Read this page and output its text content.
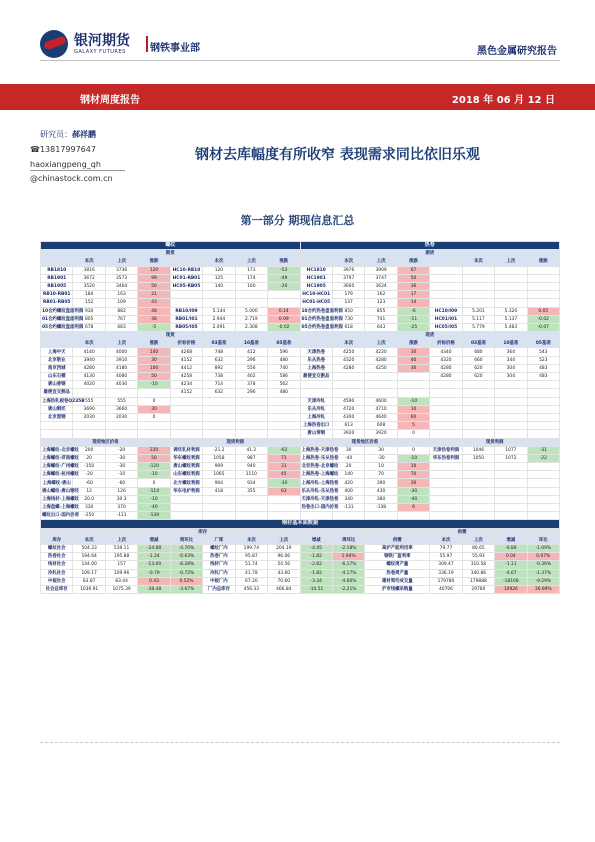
银河期货
GALAXY FUTURES	钢铁事业部	黑色金属研究报告
钢材周度报告	2018 年 06 月 12 日
研究员：郝祥鹏
☎13817997647
haoxiangpeng_qh
@chinastock.com.cn
钢材去库幅度有所收窄 表现需求同比依旧乐观
第一部分 期现信息汇总
螺纹								热卷							
期货								期货							
	本次	上次	涨跌		本次	上次	涨跌		本次	上次	涨跌		本次	上次	涨跌
RB1810	3816	3736	120	HC10-RB10	120	173	-53	HC1810	3976	3909	67				
RB1901	3672	3573	99	HC01-RB01	125	174	-49	HC1901	3797	3747	50				
RB1905	3520	3464	56	HC05-RB05	140	160	-20	HC1905	3660	3624	36				
RB10-RB01	184	163	21					HC10-HC01	179	162	17				
RB01-RB05	152	109	43					HC01-HC05	137	123	14				
10合约螺纹盘面利润	930	882	48	RB10/I09	5.144	5.000	0.14	10合约热卷盘面利润	850	855	-6	HC10/I09	5.201	5.320	0.05
01合约螺纹盘面利润	805	767	38	RB01/I01	2.944	2.719	0.09	01合约热卷盘面利润	730	741	-11	HC01/I01	5.117	5.137	-0.02
05合约螺纹盘面利润	678	683	-5	RB05/I05	2.491	2.308	-0.02	05合约热卷盘面利润	618	643	-25	HC05/I05	5.779	5.483	-0.07
现货								现货							
	本次	上次	涨跌	折标价格	03基差	10基差	05基差		本次	上次	涨跌	折标价格	03基差	10基差	05基差
上海中天	4140	4000	140	4268	748	412	596	天津热卷	4250	4220	30	4340	680	364	543
北京敬业	3940	3910	30	4152	632	296	480	乐从热卷	4320	4280	40	4320	660	344	523
南京西城	4280	4180	100	4412	892	556	740	上海热卷	4280	4250	30	4280	620	304	483
山东石横	4130	4080	50	4258	738	402	586	最便宜交割品				4280	620	304	483
唐山普钢	4020	4030	-10	4234	714	378	562								
最便宜交割品				4152	632	296	480								
上海热轧板卷Q235B	555	555	0					天津冷轧	4590	4600	-10				
唐山钢坯	3690	3660	30					乐从冷轧	4720	4710	10				
北京废钢	2030	2030	0					上海冷轧	4300	4640	60				
								上海热卷出口	613	608	5				
								唐山带钢	3920	3920	0				
现货地区价差				现货利润				现货地区价差				现货利润			
上海螺纹-北京螺纹	200	-20	220	调坯轧材利润	-21.2	41.2	-62	上海热卷-天津热卷	30	30	0	天津热卷利润	1046	1077	-31
上海螺纹-济南螺纹	20	-30	50	华东螺纹利润	1058	987	71	上海热卷-乐从热卷	-40	-30	-10	华东热卷利润	1050	1072	-22
上海螺纹-广州螺纹	-150	-30	-120	唐山螺纹利润	909	940	31	北京热卷-北京螺纹	20	10	10				
上海螺纹-杭州螺纹	-20	-10	-10	山东螺纹利润	1065	1110	45	上海热卷-上海螺纹	140	70	70				
上海螺纹-唐山	-60	-60	0	北方螺纹利润	904	934	-30	上海冷轧-上海热卷	420	390	30				
唐山螺纹-唐山钢坯	12	126	-114	华东电炉利润	418	355	63	乐从冷轧-乐从热卷	400	430	-30				
上海线材-上海螺纹	20.0	30.3	-10					天津冷轧-天津热卷	340	380	-40				
上海盘螺-上海螺纹	330	370	-40					热卷出口-国内价差	-131	-138	6				
螺纹出口-国内价差	-250	-111	-139												
钢材基本面数据															
库存										供需					
库存	本次	上次	增减	周环比	厂库	本次	上次	增减	周环比	供需		本次	上次	增减	环比
螺纹社会	504.23	539.11	-24.88	-4.70%	螺纹厂内	199.74	204.19	-4.45	-2.18%	高炉产能利用率		79.77	80.65	-0.88	-1.09%
热卷社会	194.64	195.88	-1.24	-0.63%	热卷厂内	95.87	96.06	-1.82	1.94%	钢铁厂盈利率		55.97	55.93	0.04	0.07%
线材社会	144.00	157	-13.00	-8.28%	线材厂内	51.74	54.56	-2.82	-6.17%	螺纹周产量		309.47	310.58	-1.11	-0.36%
冷轧社会	109.17	109.96	-0.79	-0.72%	冷轧厂内	41.78	43.60	-1.82	-4.17%	热卷周产量		336.19	340.86	-4.67	-1.37%
中板社会	83.87	83.44	0.43	0.52%	中板厂内	67.20	70.60	-3.34	-4.60%	建材周均成交量		179780	179888	-18108	-9.29%
社会总库存	1036.91	1075.39	-38.48	-3.67%	厂内总库存	456.33	466.84	-10.51	-2.21%	沪市线螺采购量		40706	29780	10926	36.69%
